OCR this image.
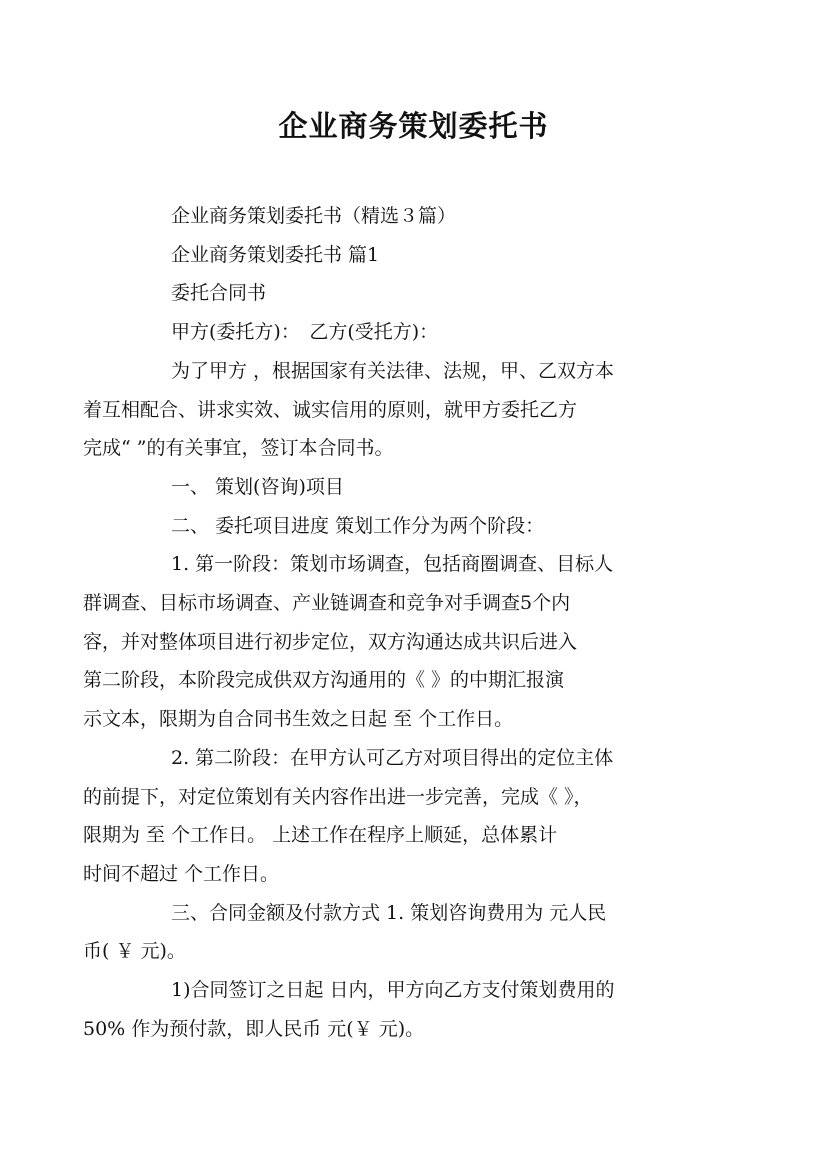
企业商务策划委托书
企业商务策划委托书（精选３篇）
企业商务策划委托书 篇1
委托合同书
甲方(委托方)：　乙方(受托方)：
为了甲方 ，根据国家有关法律、法规，甲、乙双方本
着互相配合、讲求实效、诚实信用的原则，就甲方委托乙方
完成“ ”的有关事宜，签订本合同书。
一、 策划(咨询)项目
二、 委托项目进度 策划工作分为两个阶段：
1. 第一阶段：策划市场调查，包括商圈调查、目标人
群调查、目标市场调查、产业链调查和竞争对手调查5个内
容，并对整体项目进行初步定位，双方沟通达成共识后进入
第二阶段，本阶段完成供双方沟通用的《 》的中期汇报演
示文本，限期为自合同书生效之日起 至 个工作日。
2. 第二阶段：在甲方认可乙方对项目得出的定位主体
的前提下，对定位策划有关内容作出进一步完善，完成《 》，
限期为 至 个工作日。 上述工作在程序上顺延，总体累计
时间不超过 个工作日。
三、合同金额及付款方式 1. 策划咨询费用为 元人民
币( ￥ 元)。
1)合同签订之日起 日内，甲方向乙方支付策划费用的
50% 作为预付款，即人民币 元(￥ 元)。
